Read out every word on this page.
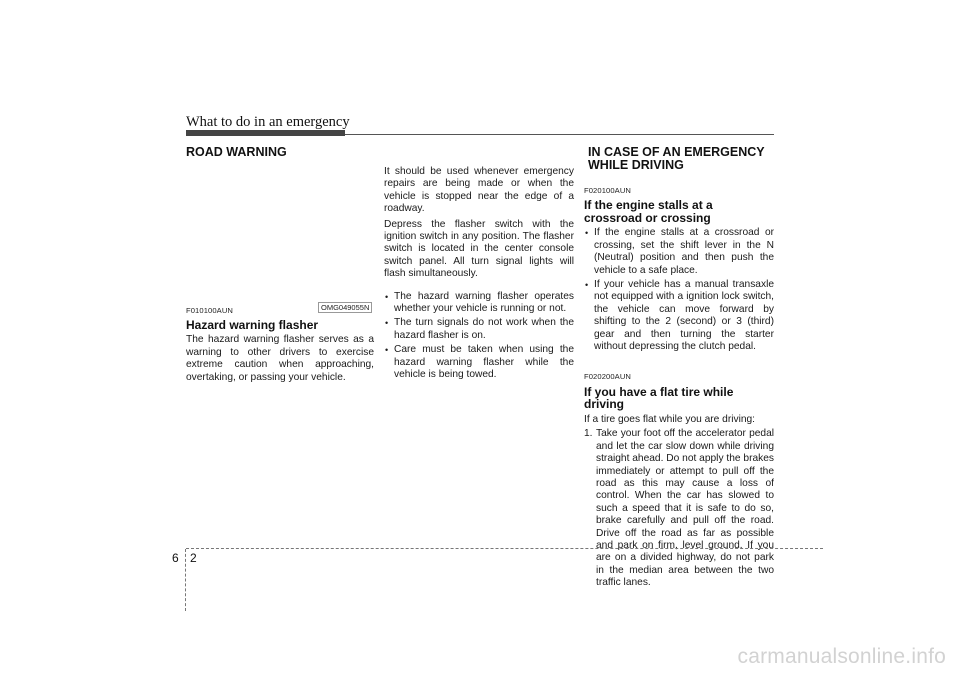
What to do in an emergency
ROAD WARNING
F010100AUN
Hazard warning flasher

The hazard warning flasher serves as a warning to other drivers to exercise extreme caution when approaching, overtaking, or passing your vehicle.

OMG049055N

It should be used whenever emergency repairs are being made or when the vehicle is stopped near the edge of a roadway.

Depress the flasher switch with the ignition switch in any position. The flasher switch is located in the center console switch panel. All turn signal lights will flash simultaneously.

• The hazard warning flasher operates whether your vehicle is running or not.
• The turn signals do not work when the hazard flasher is on.
• Care must be taken when using the hazard warning flasher while the vehicle is being towed.
IN CASE OF AN EMERGENCY WHILE DRIVING
F020100AUN
If the engine stalls at a crossroad or crossing
• If the engine stalls at a crossroad or crossing, set the shift lever in the N (Neutral) position and then push the vehicle to a safe place.
• If your vehicle has a manual transaxle not equipped with a ignition lock switch, the vehicle can move forward by shifting to the 2 (second) or 3 (third) gear and then turning the starter without depressing the clutch pedal.
F020200AUN
If you have a flat tire while driving

If a tire goes flat while you are driving:

1. Take your foot off the accelerator pedal and let the car slow down while driving straight ahead. Do not apply the brakes immediately or attempt to pull off the road as this may cause a loss of control. When the car has slowed to such a speed that it is safe to do so, brake carefully and pull off the road. Drive off the road as far as possible and park on firm, level ground. If you are on a divided highway, do not park in the median area between the two traffic lanes.
6 2
carmanualsonline.info
